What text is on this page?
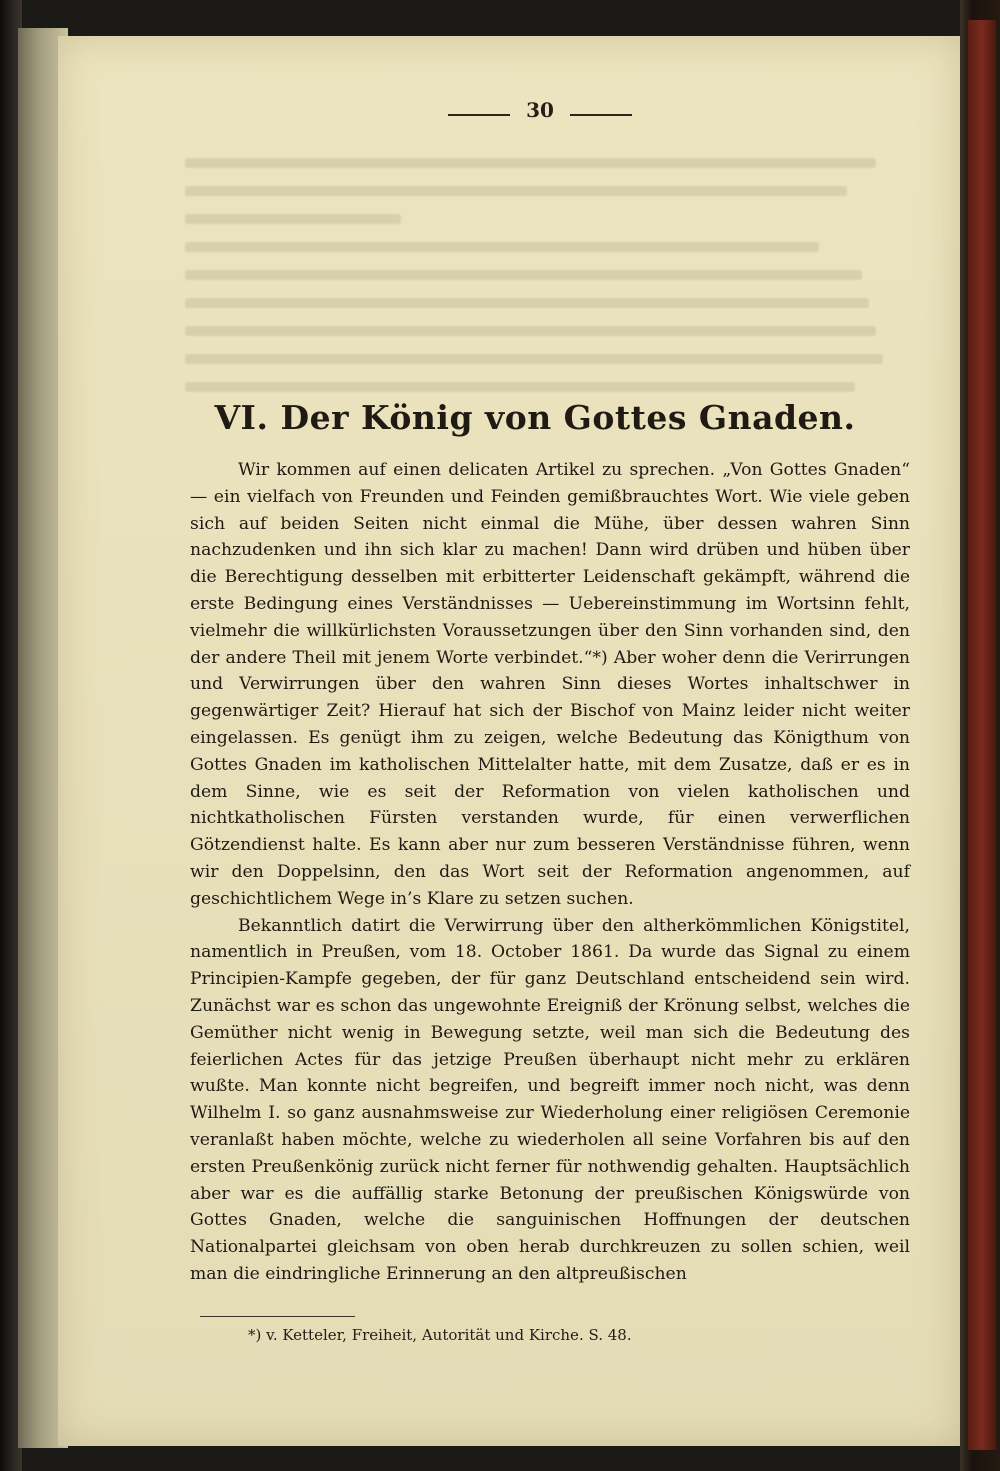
30
VI. Der König von Gottes Gnaden.

Wir kommen auf einen delicaten Artikel zu sprechen. „Von Gottes Gnaden“ — ein vielfach von Freunden und Feinden gemißbrauchtes Wort. Wie viele geben sich auf beiden Seiten nicht einmal die Mühe, über dessen wahren Sinn nachzudenken und ihn sich klar zu machen! Dann wird drüben und hüben über die Berechtigung desselben mit erbitterter Leidenschaft gekämpft, während die erste Bedingung eines Verständnisses — Uebereinstimmung im Wortsinn fehlt, vielmehr die willkürlichsten Voraussetzungen über den Sinn vorhanden sind, den der andere Theil mit jenem Worte verbindet.“*) Aber woher denn die Verirrungen und Verwirrungen über den wahren Sinn dieses Wortes inhaltschwer in gegenwärtiger Zeit? Hierauf hat sich der Bischof von Mainz leider nicht weiter eingelassen. Es genügt ihm zu zeigen, welche Bedeutung das Königthum von Gottes Gnaden im katholischen Mittelalter hatte, mit dem Zusatze, daß er es in dem Sinne, wie es seit der Reformation von vielen katholischen und nichtkatholischen Fürsten verstanden wurde, für einen verwerflichen Götzendienst halte. Es kann aber nur zum besseren Verständnisse führen, wenn wir den Doppelsinn, den das Wort seit der Reformation angenommen, auf geschichtlichem Wege in’s Klare zu setzen suchen.

Bekanntlich datirt die Verwirrung über den altherkömmlichen Königstitel, namentlich in Preußen, vom 18. October 1861. Da wurde das Signal zu einem Principien-Kampfe gegeben, der für ganz Deutschland entscheidend sein wird. Zunächst war es schon das ungewohnte Ereigniß der Krönung selbst, welches die Gemüther nicht wenig in Bewegung setzte, weil man sich die Bedeutung des feierlichen Actes für das jetzige Preußen überhaupt nicht mehr zu erklären wußte. Man konnte nicht begreifen, und begreift immer noch nicht, was denn Wilhelm I. so ganz ausnahmsweise zur Wiederholung einer religiösen Ceremonie veranlaßt haben möchte, welche zu wiederholen all seine Vorfahren bis auf den ersten Preußenkönig zurück nicht ferner für nothwendig gehalten. Hauptsächlich aber war es die auffällig starke Betonung der preußischen Königswürde von Gottes Gnaden, welche die sanguinischen Hoffnungen der deutschen Nationalpartei gleichsam von oben herab durchkreuzen zu sollen schien, weil man die eindringliche Erinnerung an den altpreußischen

*) v. Ketteler, Freiheit, Autorität und Kirche. S. 48.
